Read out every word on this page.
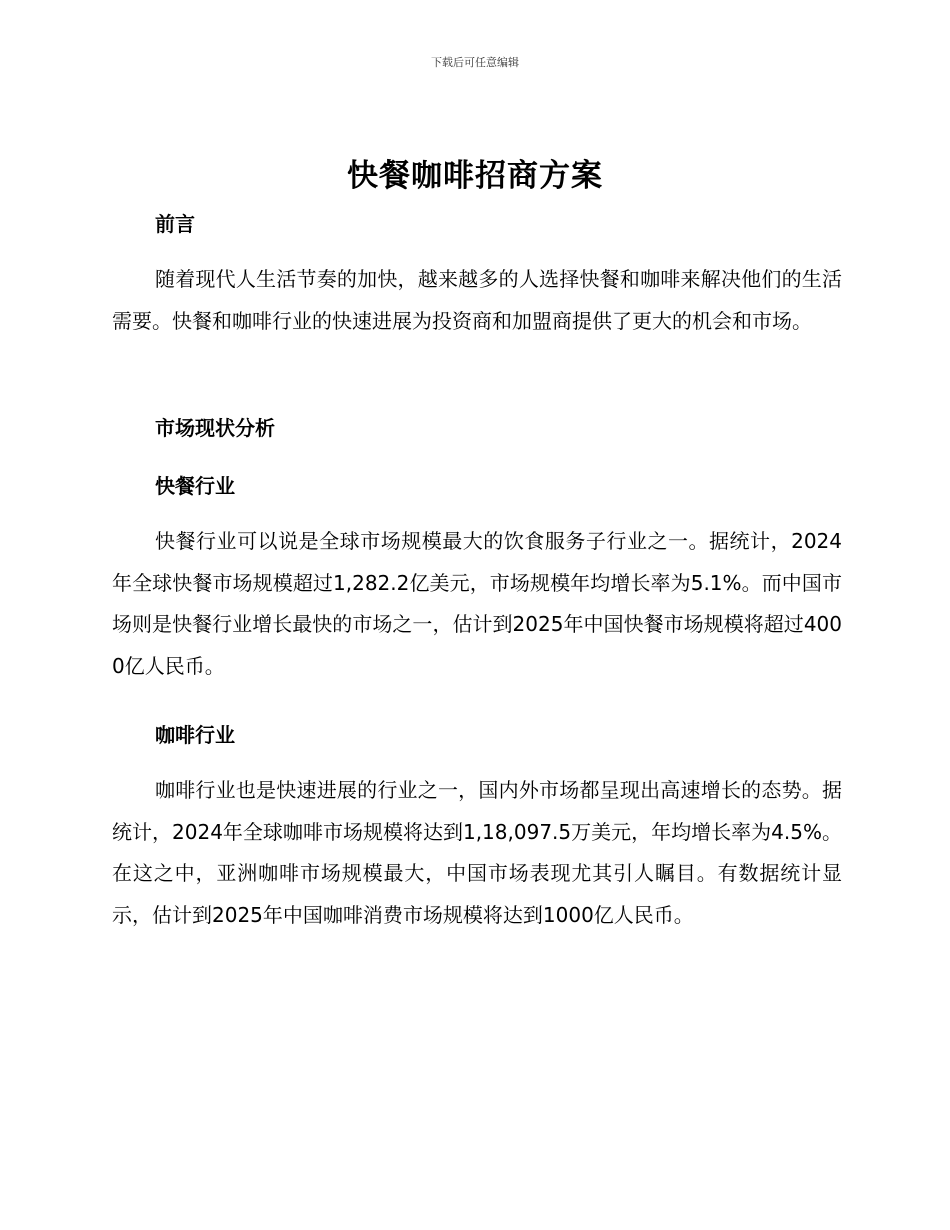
下载后可任意编辑
快餐咖啡招商方案
前言

随着现代人生活节奏的加快，越来越多的人选择快餐和咖啡来解决他们的生活需要。快餐和咖啡行业的快速进展为投资商和加盟商提供了更大的机会和市场。

市场现状分析
快餐行业

快餐行业可以说是全球市场规模最大的饮食服务子行业之一。据统计，2024年全球快餐市场规模超过1,282.2亿美元，市场规模年均增长率为5.1%。而中国市场则是快餐行业增长最快的市场之一，估计到2025年中国快餐市场规模将超过4000亿人民币。

咖啡行业

咖啡行业也是快速进展的行业之一，国内外市场都呈现出高速增长的态势。据统计，2024年全球咖啡市场规模将达到1,18,097.5万美元，年均增长率为4.5%。在这之中，亚洲咖啡市场规模最大，中国市场表现尤其引人瞩目。有数据统计显示，估计到2025年中国咖啡消费市场规模将达到1000亿人民币。
